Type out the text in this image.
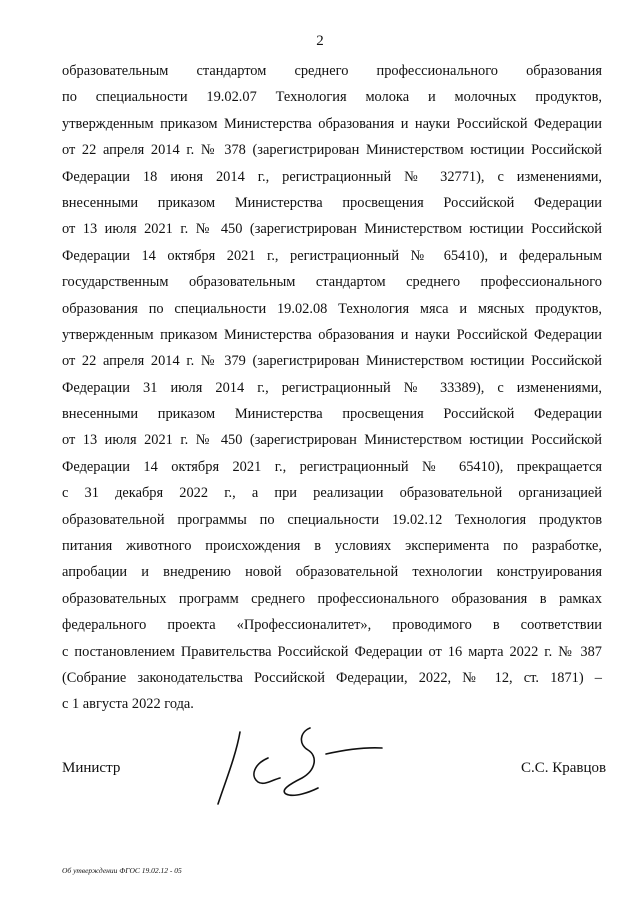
2
образовательным стандартом среднего профессионального образования
по специальности 19.02.07 Технология молока и молочных продуктов,
утвержденным приказом Министерства образования и науки Российской Федерации
от 22 апреля 2014 г. № 378 (зарегистрирован Министерством юстиции Российской
Федерации 18 июня 2014 г., регистрационный № 32771), с изменениями,
внесенными приказом Министерства просвещения Российской Федерации
от 13 июля 2021 г. № 450 (зарегистрирован Министерством юстиции Российской
Федерации 14 октября 2021 г., регистрационный № 65410), и федеральным
государственным образовательным стандартом среднего профессионального
образования по специальности 19.02.08 Технология мяса и мясных продуктов,
утвержденным приказом Министерства образования и науки Российской Федерации
от 22 апреля 2014 г. № 379 (зарегистрирован Министерством юстиции Российской
Федерации 31 июля 2014 г., регистрационный № 33389), с изменениями,
внесенными приказом Министерства просвещения Российской Федерации
от 13 июля 2021 г. № 450 (зарегистрирован Министерством юстиции Российской
Федерации 14 октября 2021 г., регистрационный № 65410), прекращается
с 31 декабря 2022 г., а при реализации образовательной организацией
образовательной программы по специальности 19.02.12 Технология продуктов
питания животного происхождения в условиях эксперимента по разработке,
апробации и внедрению новой образовательной технологии конструирования
образовательных программ среднего профессионального образования в рамках
федерального проекта «Профессионалитет», проводимого в соответствии
с постановлением Правительства Российской Федерации от 16 марта 2022 г. № 387
(Собрание законодательства Российской Федерации, 2022, № 12, ст. 1871) –
с 1 августа 2022 года.
Министр	С.С. Кравцов
Об утверждении ФГОС 19.02.12 - 05
